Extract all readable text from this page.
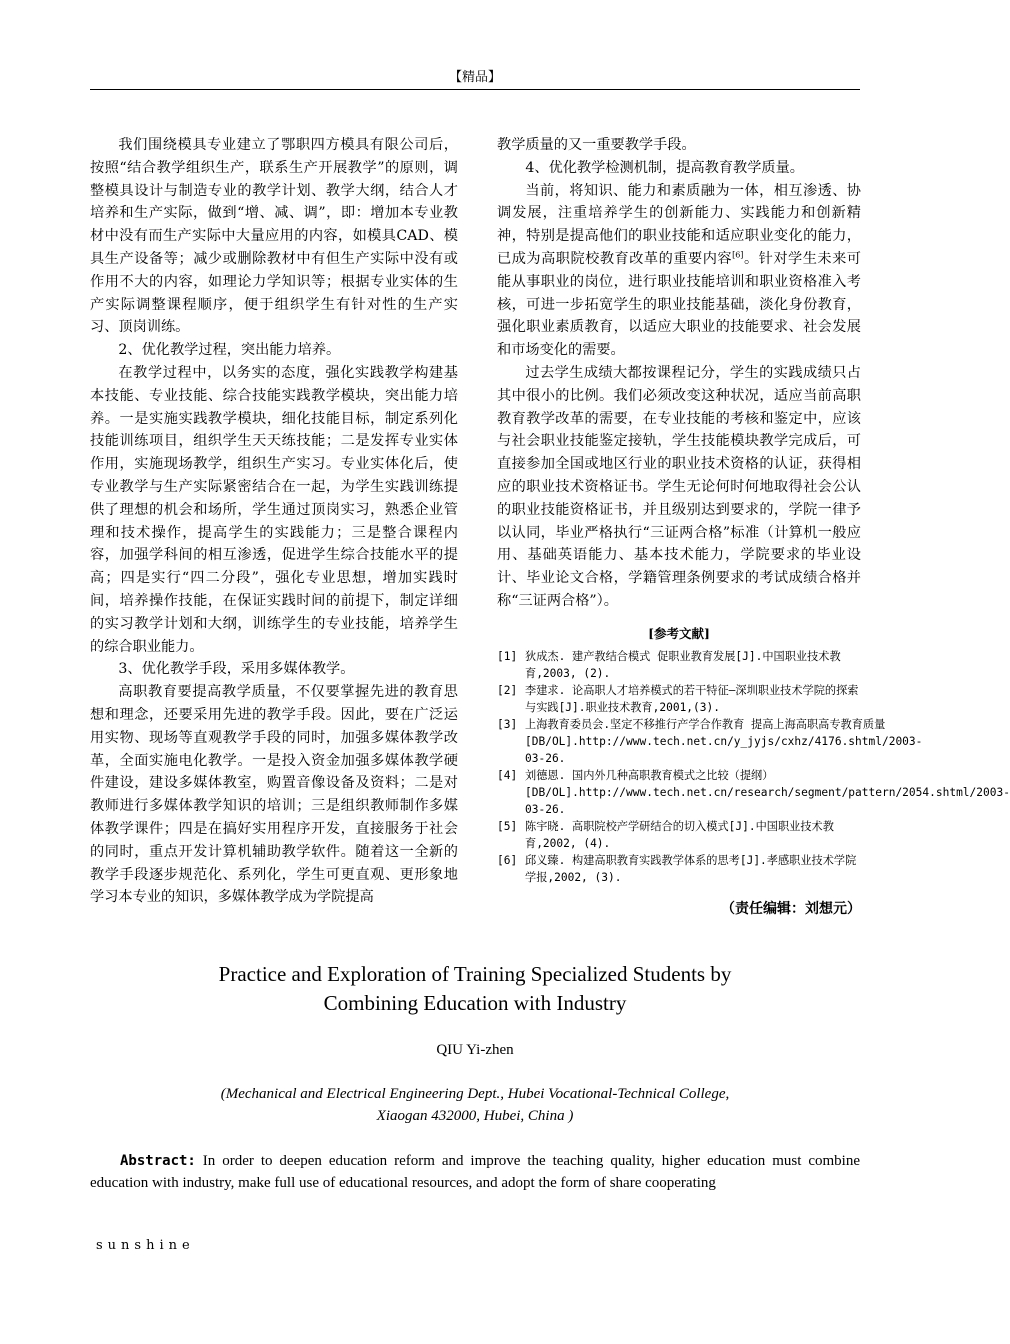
【精品】

我们围绕模具专业建立了鄂职四方模具有限公司后，按照“结合教学组织生产，联系生产开展教学”的原则，调整模具设计与制造专业的教学计划、教学大纲，结合人才培养和生产实际，做到“增、减、调”，即：增加本专业教材中没有而生产实际中大量应用的内容，如模具CAD、模具生产设备等；减少或删除教材中有但生产实际中没有或作用不大的内容，如理论力学知识等；根据专业实体的生产实际调整课程顺序，便于组织学生有针对性的生产实习、顶岗训练。

2、优化教学过程，突出能力培养。

在教学过程中，以务实的态度，强化实践教学构建基本技能、专业技能、综合技能实践教学模块，突出能力培养。一是实施实践教学模块，细化技能目标，制定系列化技能训练项目，组织学生天天练技能；二是发挥专业实体作用，实施现场教学，组织生产实习。专业实体化后，使专业教学与生产实际紧密结合在一起，为学生实践训练提供了理想的机会和场所，学生通过顶岗实习，熟悉企业管理和技术操作，提高学生的实践能力；三是整合课程内容，加强学科间的相互渗透，促进学生综合技能水平的提高；四是实行“四二分段”，强化专业思想，增加实践时间，培养操作技能，在保证实践时间的前提下，制定详细的实习教学计划和大纲，训练学生的专业技能，培养学生的综合职业能力。

3、优化教学手段，采用多媒体教学。

高职教育要提高教学质量，不仅要掌握先进的教育思想和理念，还要采用先进的教学手段。因此，要在广泛运用实物、现场等直观教学手段的同时，加强多媒体教学改革，全面实施电化教学。一是投入资金加强多媒体教学硬件建设，建设多媒体教室，购置音像设备及资料；二是对教师进行多媒体教学知识的培训；三是组织教师制作多媒体教学课件；四是在搞好实用程序开发，直接服务于社会的同时，重点开发计算机辅助教学软件。随着这一全新的教学手段逐步规范化、系列化，学生可更直观、更形象地学习本专业的知识，多媒体教学成为学院提高

教学质量的又一重要教学手段。

4、优化教学检测机制，提高教育教学质量。

当前，将知识、能力和素质融为一体，相互渗透、协调发展，注重培养学生的创新能力、实践能力和创新精神，特别是提高他们的职业技能和适应职业变化的能力，已成为高职院校教育改革的重要内容[6]。针对学生未来可能从事职业的岗位，进行职业技能培训和职业资格准入考核，可进一步拓宽学生的职业技能基础，淡化身份教育，强化职业素质教育，以适应大职业的技能要求、社会发展和市场变化的需要。

过去学生成绩大都按课程记分，学生的实践成绩只占其中很小的比例。我们必须改变这种状况，适应当前高职教育教学改革的需要，在专业技能的考核和鉴定中，应该与社会职业技能鉴定接轨，学生技能模块教学完成后，可直接参加全国或地区行业的职业技术资格的认证，获得相应的职业技术资格证书。学生无论何时何地取得社会公认的职业技能资格证书，并且级别达到要求的，学院一律予以认同，毕业严格执行“三证两合格”标准（计算机一般应用、基础英语能力、基本技术能力，学院要求的毕业设计、毕业论文合格，学籍管理条例要求的考试成绩合格并称“三证两合格”）。

[参考文献]
[1] 狄成杰. 建产教结合模式 促职业教育发展[J].中国职业技术教育,2003, (2).
[2] 李建求. 论高职人才培养模式的若干特征—深圳职业技术学院的探索与实践[J].职业技术教育,2001,(3).
[3] 上海教育委员会.坚定不移推行产学合作教育 提高上海高职高专教育质量[DB/OL].http://www.tech.net.cn/y_jyjs/cxhz/4176.shtml/2003-03-26.
[4] 刘德恩. 国内外几种高职教育模式之比较（提纲）[DB/OL].http://www.tech.net.cn/research/segment/pattern/2054.shtml/2003-03-26.
[5] 陈宇晓. 高职院校产学研结合的切入模式[J].中国职业技术教育,2002, (4).
[6] 邱义臻. 构建高职教育实践教学体系的思考[J].孝感职业技术学院学报,2002, (3).
（责任编辑：刘想元）
Practice and Exploration of Training Specialized Students by
Combining Education with Industry
QIU Yi-zhen
(Mechanical and Electrical Engineering Dept., Hubei Vocational-Technical College,
Xiaogan 432000, Hubei, China )
Abstract: In order to deepen education reform and improve the teaching quality, higher education must combine education with industry, make full use of educational resources, and adopt the form of share cooperating
sunshine
